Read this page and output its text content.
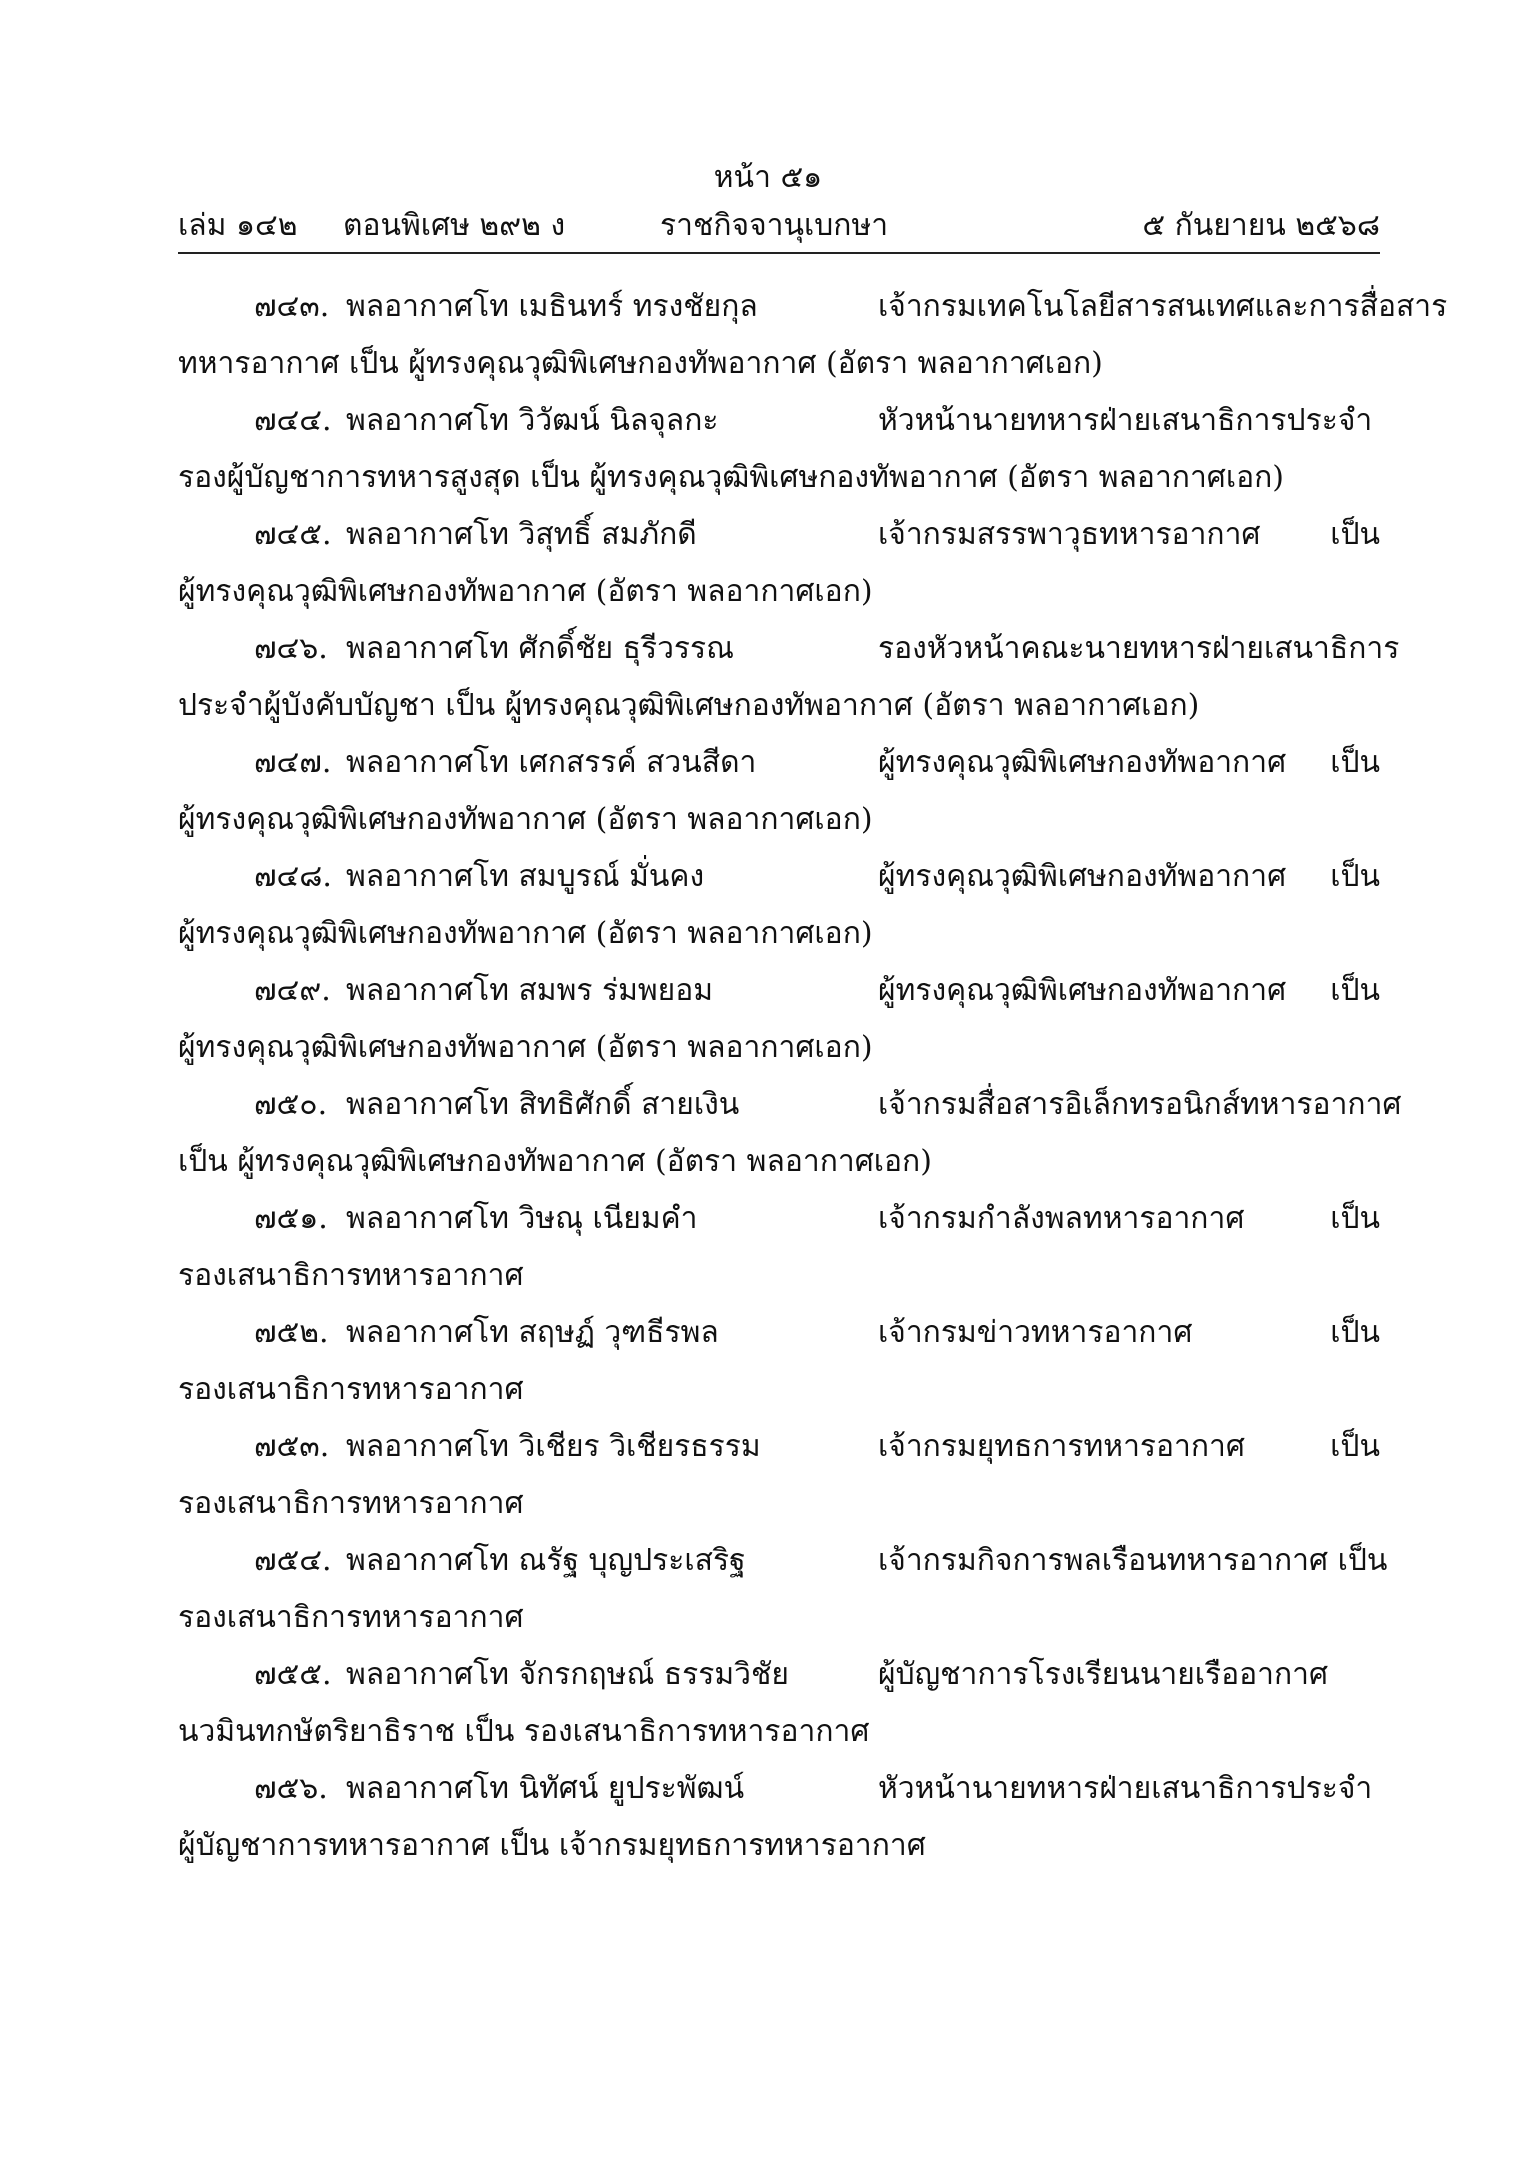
หน้า ๕๑
เล่ม ๑๔๒ ตอนพิเศษ ๒๙๒ ง	ราชกิจจานุเบกษา	๕ กันยายน ๒๕๖๘
๗๔๓. พลอากาศโท เมธินทร์ ทรงชัยกุล	เจ้ากรมเทคโนโลยีสารสนเทศและการสื่อสาร
ทหารอากาศ เป็น ผู้ทรงคุณวุฒิพิเศษกองทัพอากาศ (อัตรา พลอากาศเอก)
๗๔๔. พลอากาศโท วิวัฒน์ นิลจุลกะ	หัวหน้านายทหารฝ่ายเสนาธิการประจำ
รองผู้บัญชาการทหารสูงสุด เป็น ผู้ทรงคุณวุฒิพิเศษกองทัพอากาศ (อัตรา พลอากาศเอก)
๗๔๕. พลอากาศโท วิสุทธิ์ สมภักดี	เจ้ากรมสรรพาวุธทหารอากาศ เป็น
ผู้ทรงคุณวุฒิพิเศษกองทัพอากาศ (อัตรา พลอากาศเอก)
๗๔๖. พลอากาศโท ศักดิ์ชัย ธุรีวรรณ	รองหัวหน้าคณะนายทหารฝ่ายเสนาธิการ
ประจำผู้บังคับบัญชา เป็น ผู้ทรงคุณวุฒิพิเศษกองทัพอากาศ (อัตรา พลอากาศเอก)
๗๔๗. พลอากาศโท เศกสรรค์ สวนสีดา	ผู้ทรงคุณวุฒิพิเศษกองทัพอากาศ เป็น
ผู้ทรงคุณวุฒิพิเศษกองทัพอากาศ (อัตรา พลอากาศเอก)
๗๔๘. พลอากาศโท สมบูรณ์ มั่นคง	ผู้ทรงคุณวุฒิพิเศษกองทัพอากาศ เป็น
ผู้ทรงคุณวุฒิพิเศษกองทัพอากาศ (อัตรา พลอากาศเอก)
๗๔๙. พลอากาศโท สมพร ร่มพยอม	ผู้ทรงคุณวุฒิพิเศษกองทัพอากาศ เป็น
ผู้ทรงคุณวุฒิพิเศษกองทัพอากาศ (อัตรา พลอากาศเอก)
๗๕๐. พลอากาศโท สิทธิศักดิ์ สายเงิน	เจ้ากรมสื่อสารอิเล็กทรอนิกส์ทหารอากาศ
เป็น ผู้ทรงคุณวุฒิพิเศษกองทัพอากาศ (อัตรา พลอากาศเอก)
๗๕๑. พลอากาศโท วิษณุ เนียมคำ	เจ้ากรมกำลังพลทหารอากาศ เป็น
รองเสนาธิการทหารอากาศ
๗๕๒. พลอากาศโท สฤษฏ์ วุฑธีรพล	เจ้ากรมข่าวทหารอากาศ เป็น
รองเสนาธิการทหารอากาศ
๗๕๓. พลอากาศโท วิเชียร วิเชียรธรรม	เจ้ากรมยุทธการทหารอากาศ เป็น
รองเสนาธิการทหารอากาศ
๗๕๔. พลอากาศโท ณรัฐ บุญประเสริฐ	เจ้ากรมกิจการพลเรือนทหารอากาศ เป็น
รองเสนาธิการทหารอากาศ
๗๕๕. พลอากาศโท จักรกฤษณ์ ธรรมวิชัย	ผู้บัญชาการโรงเรียนนายเรืออากาศ
นวมินทกษัตริยาธิราช เป็น รองเสนาธิการทหารอากาศ
๗๕๖. พลอากาศโท นิทัศน์ ยูประพัฒน์	หัวหน้านายทหารฝ่ายเสนาธิการประจำ
ผู้บัญชาการทหารอากาศ เป็น เจ้ากรมยุทธการทหารอากาศ
